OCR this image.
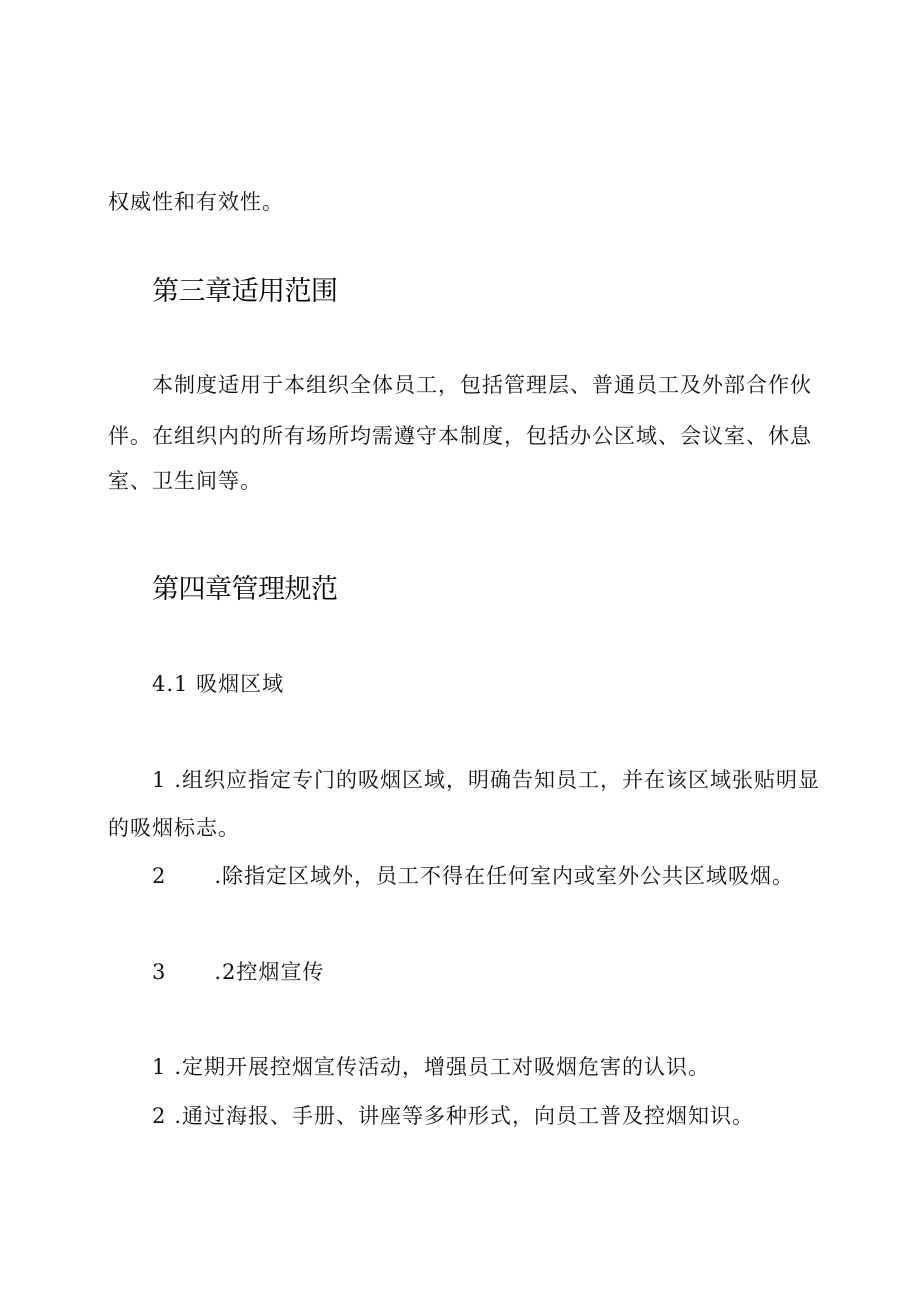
权威性和有效性。
第三章适用范围
本制度适用于本组织全体员工，包括管理层、普通员工及外部合作伙
伴。在组织内的所有场所均需遵守本制度，包括办公区域、会议室、休息
室、卫生间等。
第四章管理规范
4.1 吸烟区域
1 .组织应指定专门的吸烟区域，明确告知员工，并在该区域张贴明显
的吸烟标志。
2 .除指定区域外，员工不得在任何室内或室外公共区域吸烟。
3 .2控烟宣传
1 .定期开展控烟宣传活动，增强员工对吸烟危害的认识。
2 .通过海报、手册、讲座等多种形式，向员工普及控烟知识。
